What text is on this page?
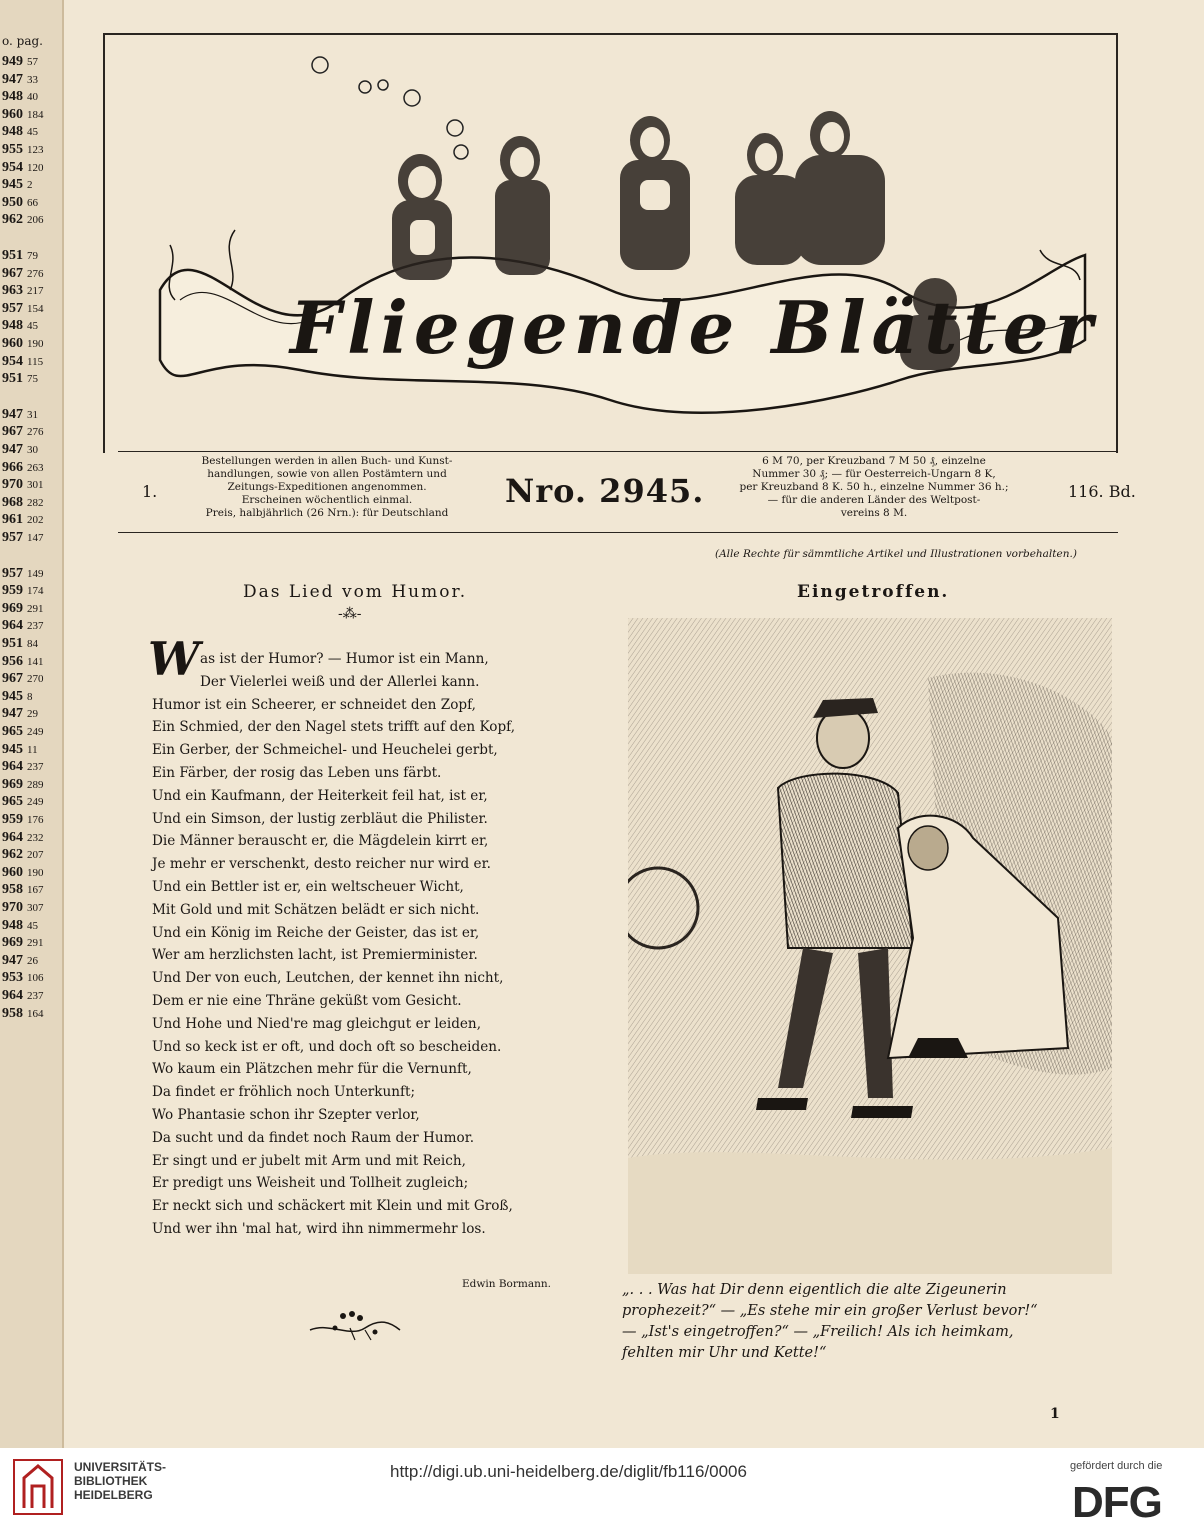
o. pag.
949 57
947 33
948 40
960 184
948 45
955 123
954 120
945 2
950 66
962 206
951 79
967 276
963 217
957 154
948 45
960 190
954 115
951 75
947 31
967 276
947 30
966 263
970 301
968 282
961 202
957 147
957 149
959 174
969 291
964 237
951 84
956 141
967 270
945 8
947 29
965 249
945 11
964 237
969 289
965 249
959 176
964 232
962 207
960 190
958 167
970 307
948 45
969 291
947 26
953 106
964 237
958 164
Fliegende Blätter
1.
Bestellungen werden in allen Buch- und Kunst-
handlungen, sowie von allen Postämtern und
Zeitungs-Expeditionen angenommen.
Erscheinen wöchentlich einmal.
Preis, halbjährlich (26 Nrn.): für Deutschland
Nro. 2945.
6 M 70, per Kreuzband 7 M 50 ₰, einzelne
Nummer 30 ₰; — für Oesterreich-Ungarn 8 K,
per Kreuzband 8 K. 50 h., einzelne Nummer 36 h.;
— für die anderen Länder des Weltpost-
vereins 8 M.
116. Bd.
(Alle Rechte für sämmtliche Artikel und Illustrationen vorbehalten.)
Das Lied vom Humor.
-⁂-
W as ist der Humor? — Humor ist ein Mann,
Der Vielerlei weiß und der Allerlei kann.
Humor ist ein Scheerer, er schneidet den Zopf,
Ein Schmied, der den Nagel stets trifft auf den Kopf,
Ein Gerber, der Schmeichel- und Heuchelei gerbt,
Ein Färber, der rosig das Leben uns färbt.
Und ein Kaufmann, der Heiterkeit feil hat, ist er,
Und ein Simson, der lustig zerbläut die Philister.
Die Männer berauscht er, die Mägdelein kirrt er,
Je mehr er verschenkt, desto reicher nur wird er.
Und ein Bettler ist er, ein weltscheuer Wicht,
Mit Gold und mit Schätzen belädt er sich nicht.
Und ein König im Reiche der Geister, das ist er,
Wer am herzlichsten lacht, ist Premierminister.
Und Der von euch, Leutchen, der kennet ihn nicht,
Dem er nie eine Thräne geküßt vom Gesicht.
Und Hohe und Nied're mag gleichgut er leiden,
Und so keck ist er oft, und doch oft so bescheiden.
Wo kaum ein Plätzchen mehr für die Vernunft,
Da findet er fröhlich noch Unterkunft;
Wo Phantasie schon ihr Szepter verlor,
Da sucht und da findet noch Raum der Humor.
Er singt und er jubelt mit Arm und mit Reich,
Er predigt uns Weisheit und Tollheit zugleich;
Er neckt sich und schäckert mit Klein und mit Groß,
Und wer ihn 'mal hat, wird ihn nimmermehr los.
Edwin Bormann.
Eingetroffen.
„. . . Was hat Dir denn eigentlich die alte Zigeunerin
prophezeit?“ — „Es stehe mir ein großer Verlust bevor!“
— „Ist's eingetroffen?“ — „Freilich! Als ich heimkam,
fehlten mir Uhr und Kette!“
1
UNIVERSITÄTS-
BIBLIOTHEK
HEIDELBERG
http://digi.ub.uni-heidelberg.de/diglit/fb116/0006	gefördert durch die
DFG
